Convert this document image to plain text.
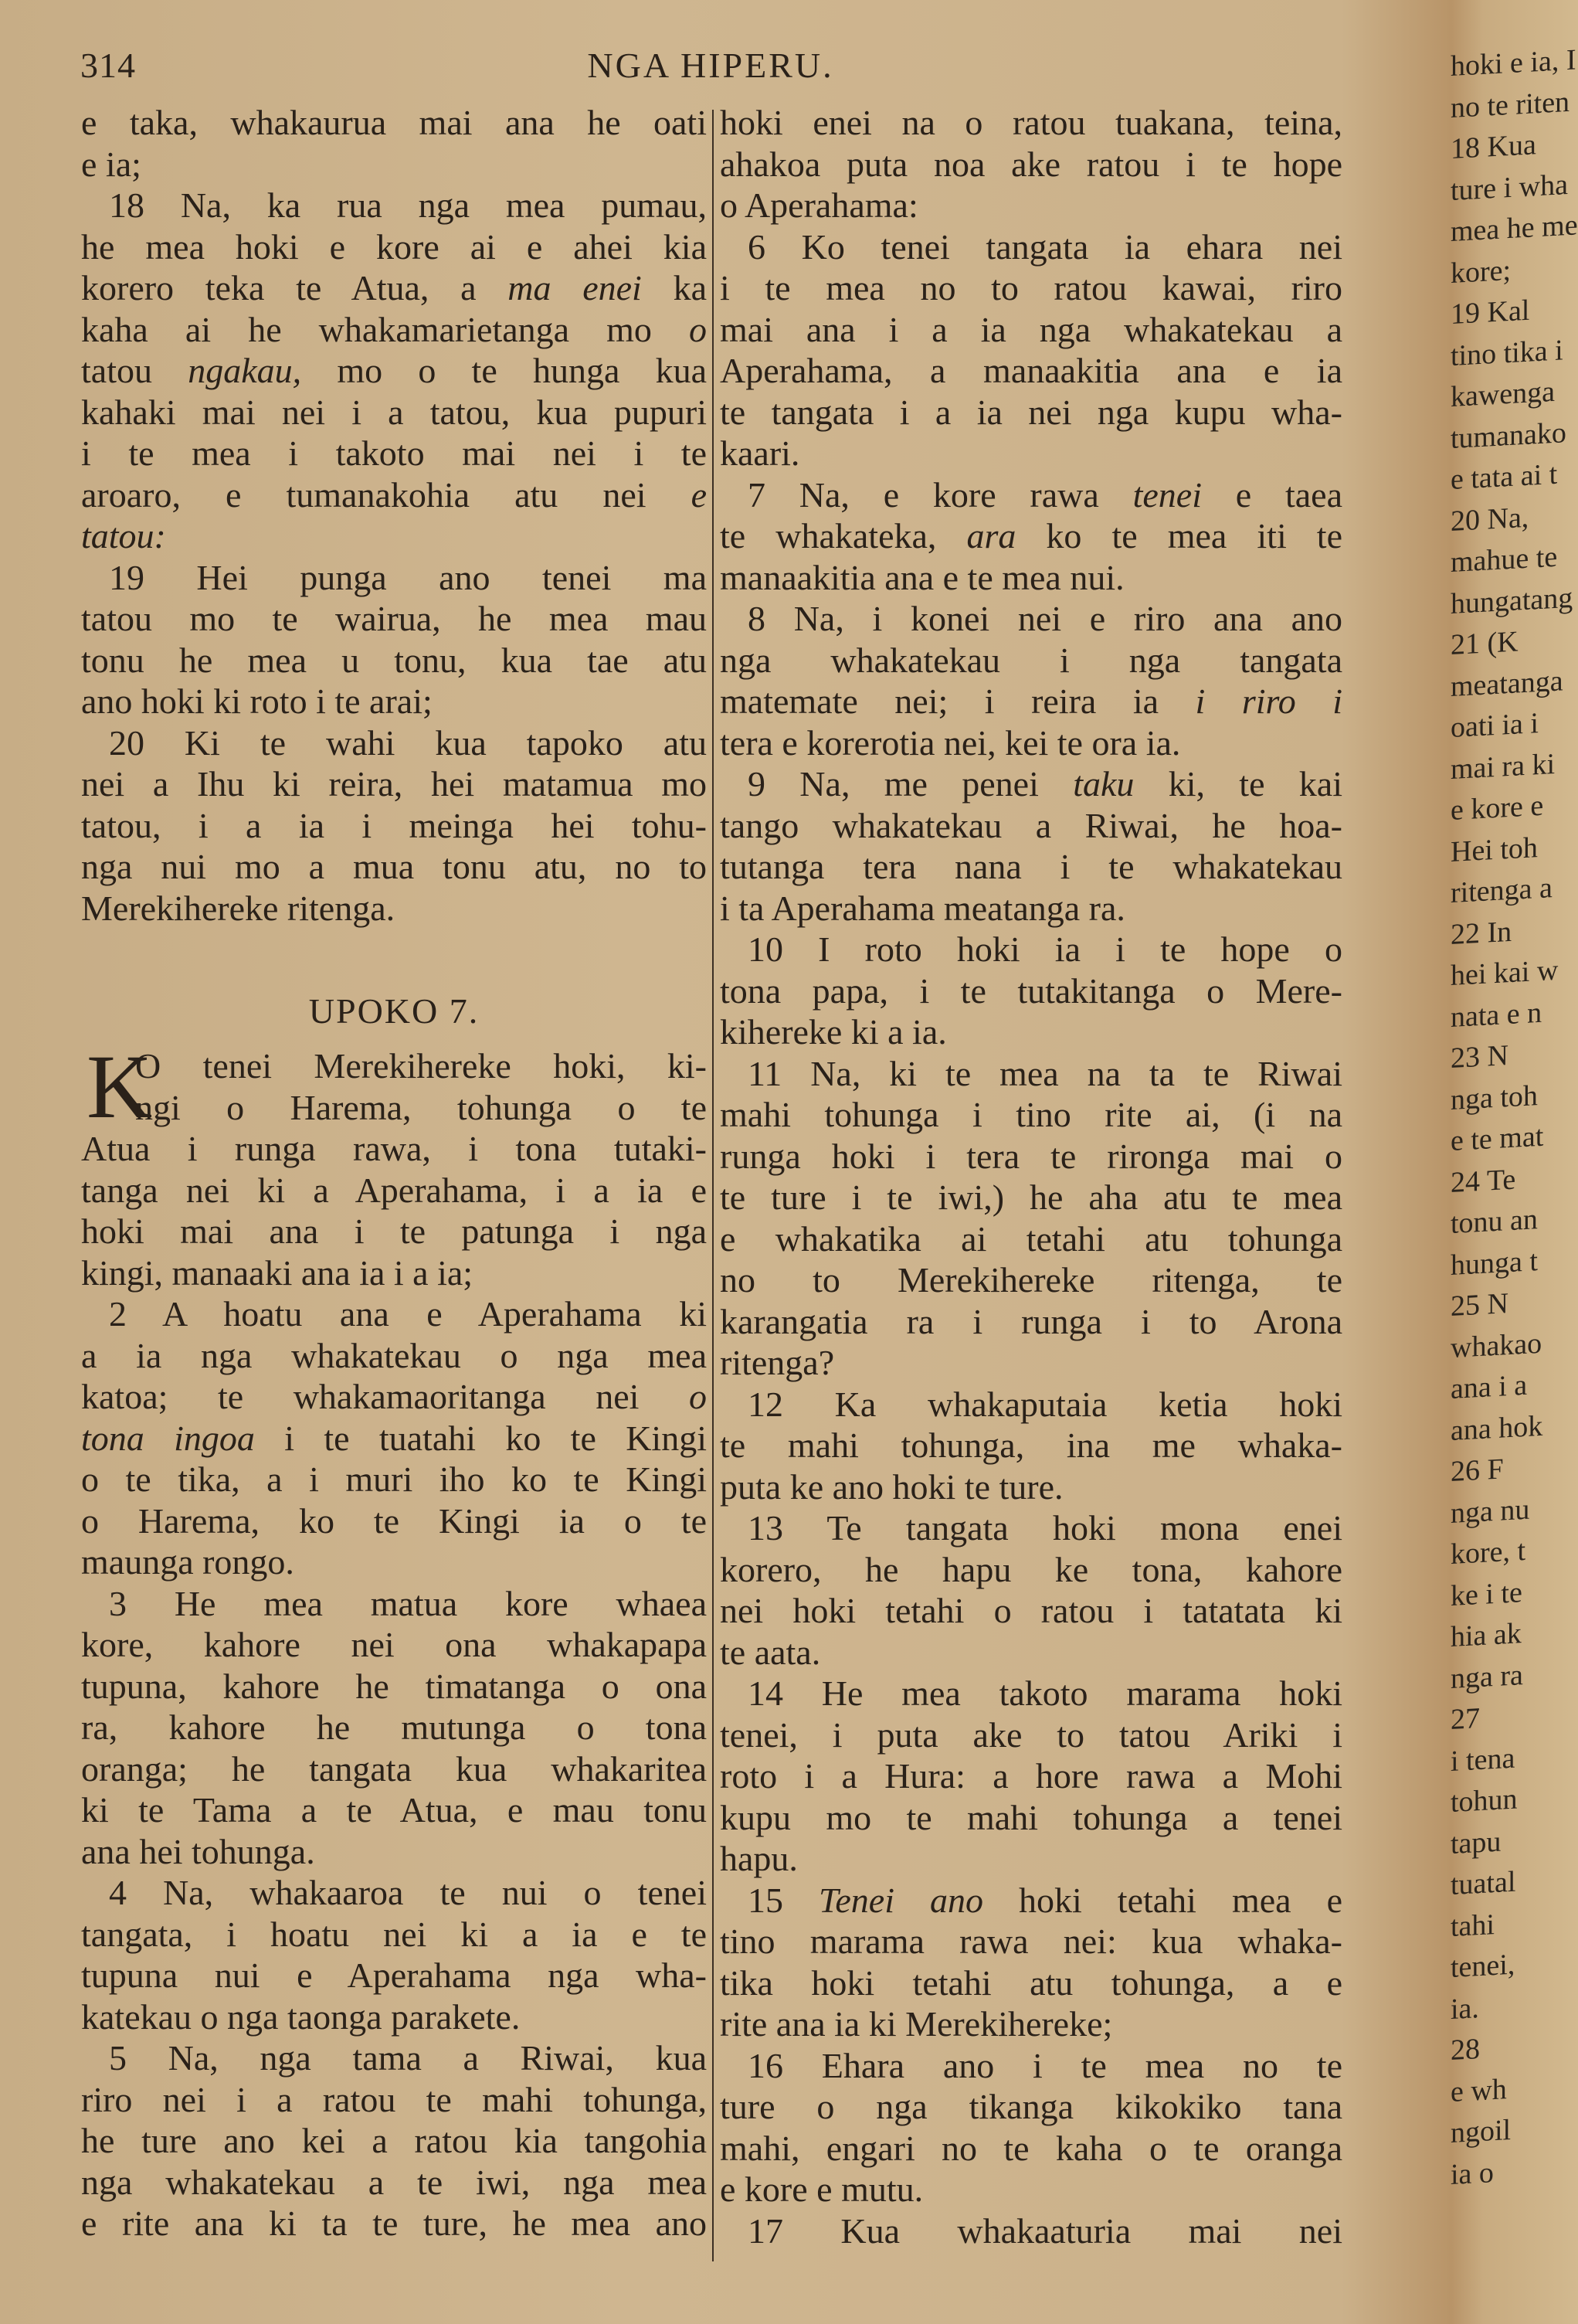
314	NGA HIPERU.
e taka, whakaurua mai ana he oati
e ia;
18 Na, ka rua nga mea pumau,
he mea hoki e kore ai e ahei kia
korero teka te Atua, a ma enei ka
kaha ai he whakamarietanga mo o
tatou ngakau, mo o te hunga kua
kahaki mai nei i a tatou, kua pupuri
i te mea i takoto mai nei i te
aroaro, e tumanakohia atu nei e
tatou:
19 Hei punga ano tenei ma
tatou mo te wairua, he mea mau
tonu he mea u tonu, kua tae atu
ano hoki ki roto i te arai;
20 Ki te wahi kua tapoko atu
nei a Ihu ki reira, hei matamua mo
tatou, i a ia i meinga hei tohu-
nga nui mo a mua tonu atu, no to
Merekihereke ritenga.
UPOKO 7.
K
O tenei Merekihereke hoki, ki-
ngi o Harema, tohunga o te
Atua i runga rawa, i tona tutaki-
tanga nei ki a Aperahama, i a ia e
hoki mai ana i te patunga i nga
kingi, manaaki ana ia i a ia;
2 A hoatu ana e Aperahama ki
a ia nga whakatekau o nga mea
katoa; te whakamaoritanga nei o
tona ingoa i te tuatahi ko te Kingi
o te tika, a i muri iho ko te Kingi
o Harema, ko te Kingi ia o te
maunga rongo.
3 He mea matua kore whaea
kore, kahore nei ona whakapapa
tupuna, kahore he timatanga o ona
ra, kahore he mutunga o tona
oranga; he tangata kua whakaritea
ki te Tama a te Atua, e mau tonu
ana hei tohunga.
4 Na, whakaaroa te nui o tenei
tangata, i hoatu nei ki a ia e te
tupuna nui e Aperahama nga wha-
katekau o nga taonga parakete.
5 Na, nga tama a Riwai, kua
riro nei i a ratou te mahi tohunga,
he ture ano kei a ratou kia tangohia
nga whakatekau a te iwi, nga mea
e rite ana ki ta te ture, he mea ano
hoki enei na o ratou tuakana, teina,
ahakoa puta noa ake ratou i te hope
o Aperahama:
6 Ko tenei tangata ia ehara nei
i te mea no to ratou kawai, riro
mai ana i a ia nga whakatekau a
Aperahama, a manaakitia ana e ia
te tangata i a ia nei nga kupu wha-
kaari.
7 Na, e kore rawa tenei e taea
te whakateka, ara ko te mea iti te
manaakitia ana e te mea nui.
8 Na, i konei nei e riro ana ano
nga whakatekau i nga tangata
matemate nei; i reira ia i riro i
tera e korerotia nei, kei te ora ia.
9 Na, me penei taku ki, te kai
tango whakatekau a Riwai, he hoa-
tutanga tera nana i te whakatekau
i ta Aperahama meatanga ra.
10 I roto hoki ia i te hope o
tona papa, i te tutakitanga o Mere-
kihereke ki a ia.
11 Na, ki te mea na ta te Riwai
mahi tohunga i tino rite ai, (i na
runga hoki i tera te rironga mai o
te ture i te iwi,) he aha atu te mea
e whakatika ai tetahi atu tohunga
no to Merekihereke ritenga, te
karangatia ra i runga i to Arona
ritenga?
12 Ka whakaputaia ketia hoki
te mahi tohunga, ina me whaka-
puta ke ano hoki te ture.
13 Te tangata hoki mona enei
korero, he hapu ke tona, kahore
nei hoki tetahi o ratou i tatatata ki
te aata.
14 He mea takoto marama hoki
tenei, i puta ake to tatou Ariki i
roto i a Hura: a hore rawa a Mohi
kupu mo te mahi tohunga a tenei
hapu.
15 Tenei ano hoki tetahi mea e
tino marama rawa nei: kua whaka-
tika hoki tetahi atu tohunga, a e
rite ana ia ki Merekihereke;
16 Ehara ano i te mea no te
ture o nga tikanga kikokiko tana
mahi, engari no te kaha o te oranga
e kore e mutu.
17 Kua whakaaturia mai nei
hoki e ia, I
no te riten
18 Kua
ture i wha
mea he me
kore;
19 Kal
tino tika i
kawenga
tumanako
e tata ai t
20 Na,
mahue te
hungatang
21 (K
meatanga
oati ia i
mai ra ki
e kore e
Hei toh
ritenga a
22 In
hei kai w
nata e n
23 N
nga toh
e te mat
24 Te
tonu an
hunga t
25 N
whakao
ana i a
ana hok
26 F
nga nu
kore, t
ke i te
hia ak
nga ra
27
i tena
tohun
tapu
tuatal
tahi
tenei,
ia.
28
e wh
ngoil
ia o
